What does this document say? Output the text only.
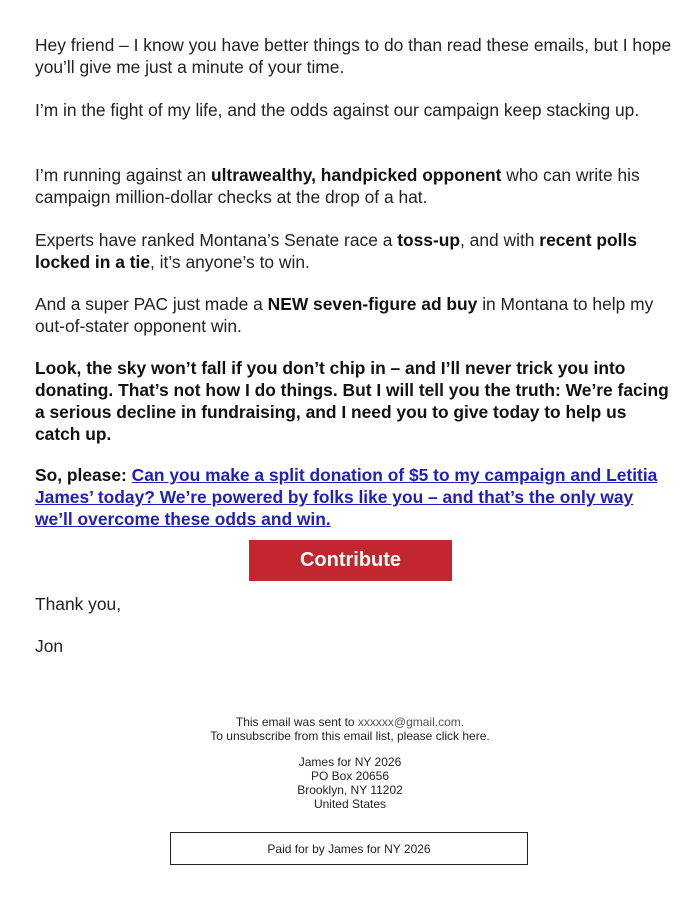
Hey friend – I know you have better things to do than read these emails, but I hope you’ll give me just a minute of your time.

I’m in the fight of my life, and the odds against our campaign keep stacking up.

I’m running against an ultrawealthy, handpicked opponent who can write his campaign million-dollar checks at the drop of a hat.

Experts have ranked Montana’s Senate race a toss-up, and with recent polls locked in a tie, it’s anyone’s to win.

And a super PAC just made a NEW seven-figure ad buy in Montana to help my out-of-stater opponent win.

Look, the sky won’t fall if you don’t chip in – and I’ll never trick you into donating. That’s not how I do things. But I will tell you the truth: We’re facing a serious decline in fundraising, and I need you to give today to help us catch up.

So, please: Can you make a split donation of $5 to my campaign and Letitia James’ today? We’re powered by folks like you – and that’s the only way we’ll overcome these odds and win.

Contribute
Thank you,
Jon
This email was sent to xxxxxx@gmail.com.
To unsubscribe from this email list, please click here.
James for NY 2026
PO Box 20656
Brooklyn, NY 11202
United States
Paid for by James for NY 2026
